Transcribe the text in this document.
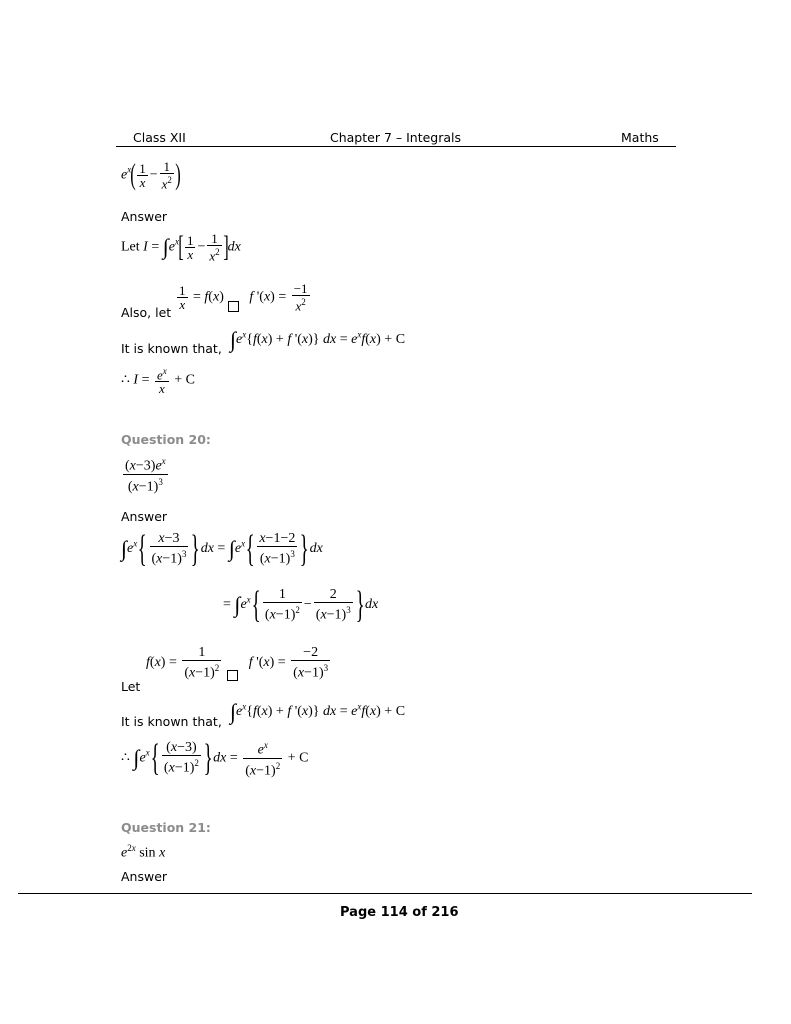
Class XII	Chapter 7 – Integrals	Maths
$e^x( \frac{1}{x} - \frac{1}{x^2}$ )
Answer
Let $I = \int e^x[ \frac{1}{x} - \frac{1}{x^2} ]dx$
Also, let
$\frac{1}{x} = f(x)$ f '$(x) = \frac{-1}{x^2}$
It is known that, $\int e^x\{f(x) + f$ '(x)} dx = $e^xf(x) + C$
∴ $I = \frac{e^x}{x} + C$
Question 20:
$\frac{(x-3)e^x}{(x-1)^3}$
Answer
$\int e^x\{ \frac{x-3}{(x-1)^3} \}dx = \int e^x\{ \frac{x-1-2}{(x-1)^3} \}dx$
= $\int e^x\{ \frac{1}{(x-1)^2} - \frac{2}{(x-1)^3} \}dx$
Let
$f(x) = \frac{1}{(x-1)^2}$ f '$(x) = \frac{-2}{(x-1)^3}$
It is known that, $\int e^x\{f(x) + f$ '(x)} dx = $e^xf(x) + C$
∴ $\int e^x\{ \frac{(x-3)}{(x-1)^2} \}dx = \frac{e^x}{(x-1)^2} + C$
Question 21:
$e^{2x}$ sin x
Answer
Page 114 of 216
